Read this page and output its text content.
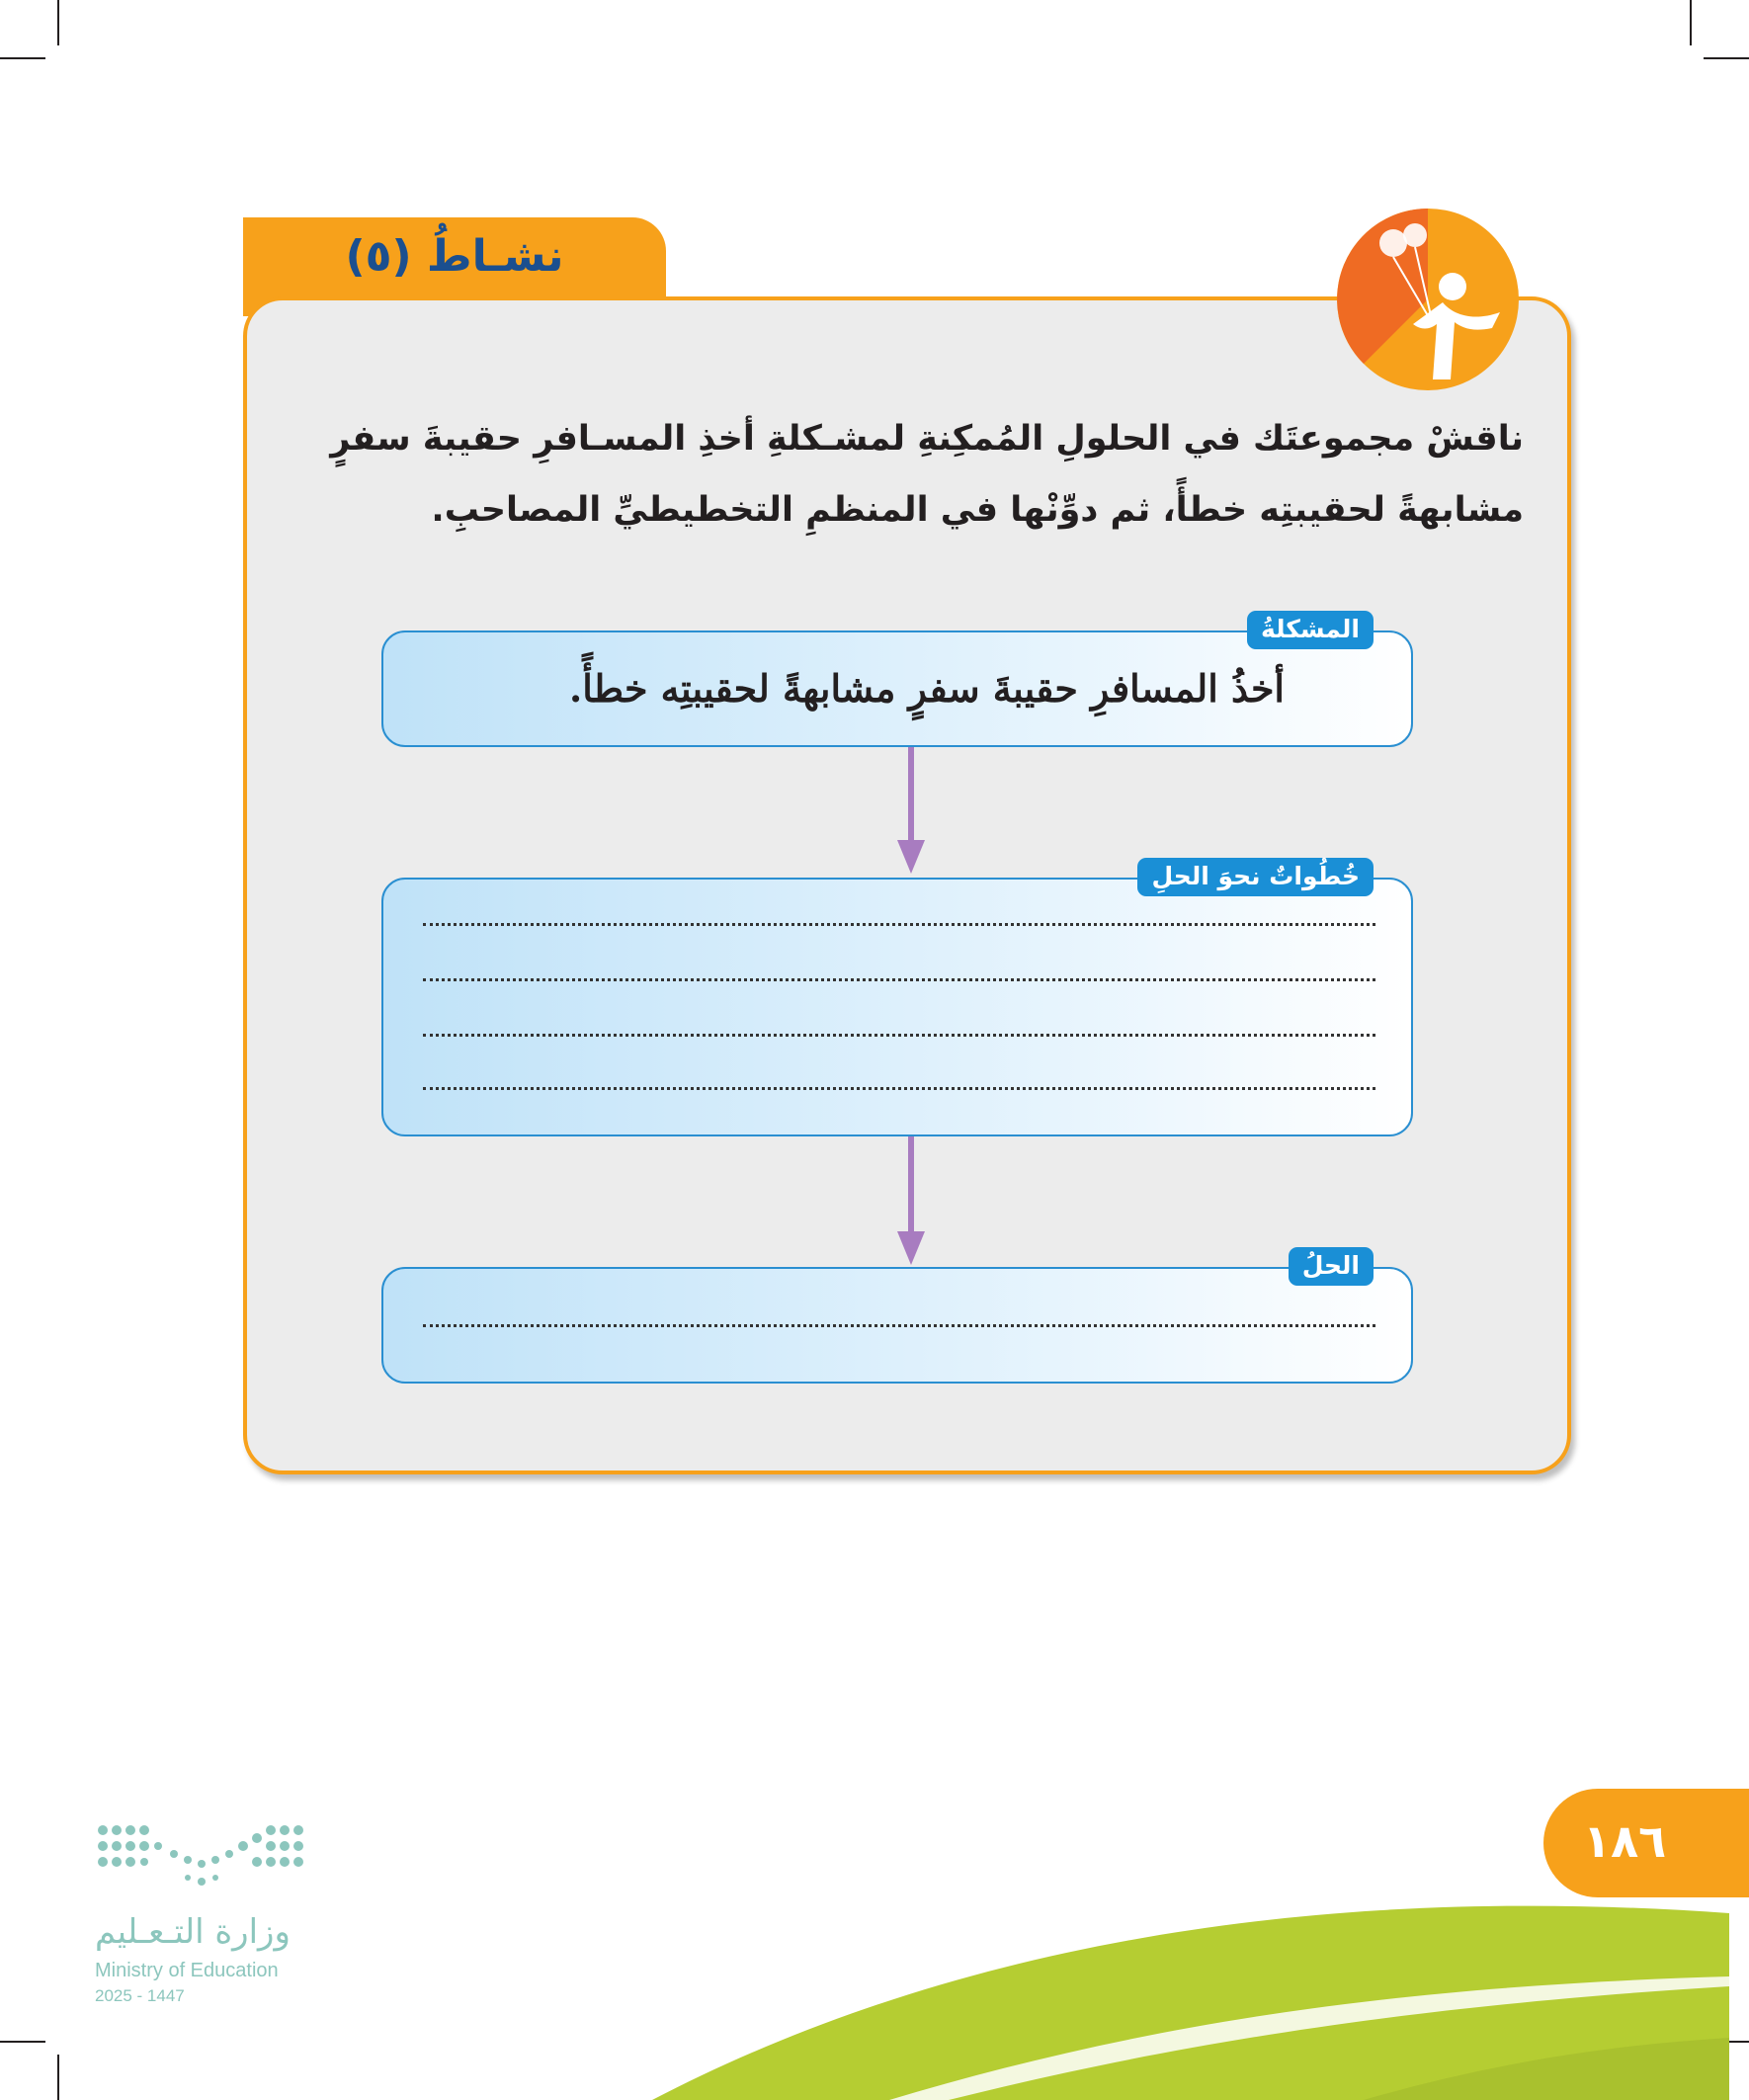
نشـاطُ (٥)
ناقشْ مجموعتَك في الحلولِ المُمكِنةِ لمشـكلةِ أخذِ المسـافرِ حقيبةَ سفرٍ مشابهةً لحقيبتِه خطأً، ثم دوِّنْها في المنظمِ التخطيطيِّ المصاحبِ.
المشكلةُ
أخذُ المسافرِ حقيبةَ سفرٍ مشابهةً لحقيبتِه خطأً.
خُطُواتٌ نحوَ الحلِ
الحلُ
١٨٦
وزارة التـعـليم
Ministry of Education
2025 - 1447
